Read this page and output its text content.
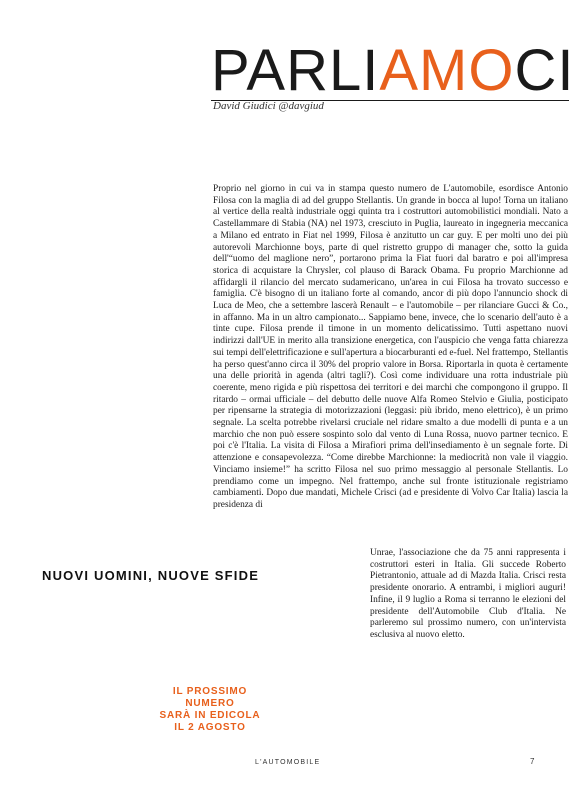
PARLIAMOCI
David Giudici @davgiud

Proprio nel giorno in cui va in stampa questo numero de L'automobile, esordisce Antonio Filosa con la maglia di ad del gruppo Stellantis. Un grande in bocca al lupo! Torna un italiano al vertice della realtà industriale oggi quinta tra i costruttori automobilistici mondiali. Nato a Castellammare di Stabia (NA) nel 1973, cresciuto in Puglia, laureato in ingegneria meccanica a Milano ed entrato in Fiat nel 1999, Filosa è anzitutto un car guy. E per molti uno dei più autorevoli Marchionne boys, parte di quel ristretto gruppo di manager che, sotto la guida dell'“uomo del maglione nero”, portarono prima la Fiat fuori dal baratro e poi all'impresa storica di acquistare la Chrysler, col plauso di Barack Obama. Fu proprio Marchionne ad affidargli il rilancio del mercato sudamericano, un'area in cui Filosa ha trovato successo e famiglia. C'è bisogno di un italiano forte al comando, ancor di più dopo l'annuncio shock di Luca de Meo, che a settembre lascerà Renault – e l'automobile – per rilanciare Gucci & Co., in affanno. Ma in un altro campionato... Sappiamo bene, invece, che lo scenario dell'auto è a tinte cupe. Filosa prende il timone in un momento delicatissimo. Tutti aspettano nuovi indirizzi dall'UE in merito alla transizione energetica, con l'auspicio che venga fatta chiarezza sui tempi dell'elettrificazione e sull'apertura a biocarburanti ed e-fuel. Nel frattempo, Stellantis ha perso quest'anno circa il 30% del proprio valore in Borsa. Riportarla in quota è certamente una delle priorità in agenda (altri tagli?). Così come individuare una rotta industriale più coerente, meno rigida e più rispettosa dei territori e dei marchi che compongono il gruppo. Il ritardo – ormai ufficiale – del debutto delle nuove Alfa Romeo Stelvio e Giulia, posticipato per ripensarne la strategia di motorizzazioni (leggasi: più ibrido, meno elettrico), è un primo segnale. La scelta potrebbe rivelarsi cruciale nel ridare smalto a due modelli di punta e a un marchio che non può essere sospinto solo dal vento di Luna Rossa, nuovo partner tecnico. E poi c'è l'Italia. La visita di Filosa a Mirafiori prima dell'insediamento è un segnale forte. Di attenzione e consapevolezza. “Come direbbe Marchionne: la mediocrità non vale il viaggio. Vinciamo insieme!” ha scritto Filosa nel suo primo messaggio al personale Stellantis. Lo prendiamo come un impegno. Nel frattempo, anche sul fronte istituzionale registriamo cambiamenti. Dopo due mandati, Michele Crisci (ad e presidente di Volvo Car Italia) lascia la presidenza di

Unrae, l'associazione che da 75 anni rappresenta i costruttori esteri in Italia. Gli succede Roberto Pietrantonio, attuale ad di Mazda Italia. Crisci resta presidente onorario. A entrambi, i migliori auguri! Infine, il 9 luglio a Roma si terranno le elezioni del presidente dell'Automobile Club d'Italia. Ne parleremo sul prossimo numero, con un'intervista esclusiva al nuovo eletto.

NUOVI UOMINI, NUOVE SFIDE
IL PROSSIMO
NUMERO
SARÀ IN EDICOLA
IL 2 AGOSTO
L'AUTOMOBILE	7
